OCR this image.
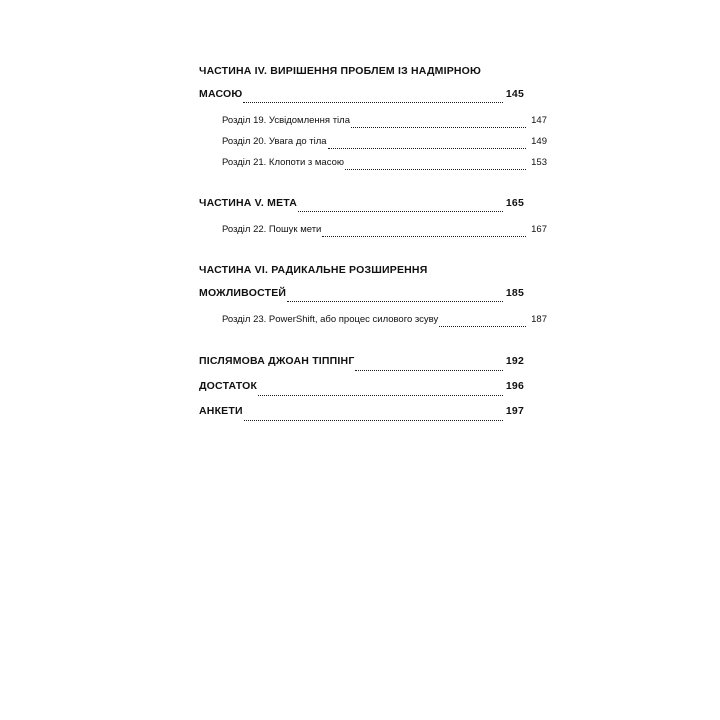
ЧАСТИНА IV. ВИРІШЕННЯ ПРОБЛЕМ ІЗ НАДМІРНОЮ
МАСОЮ	145
Розділ 19. Усвідомлення тіла	147
Розділ 20. Увага до тіла	149
Розділ 21. Клопоти з масою	153
ЧАСТИНА V. МЕТА	165
Розділ 22. Пошук мети	167
ЧАСТИНА VI. РАДИКАЛЬНЕ РОЗШИРЕННЯ
МОЖЛИВОСТЕЙ	185
Розділ 23. PowerShift, або процес силового зсуву	187
ПІСЛЯМОВА ДЖОАН ТІППІНГ	192
ДОСТАТОК	196
АНКЕТИ	197
